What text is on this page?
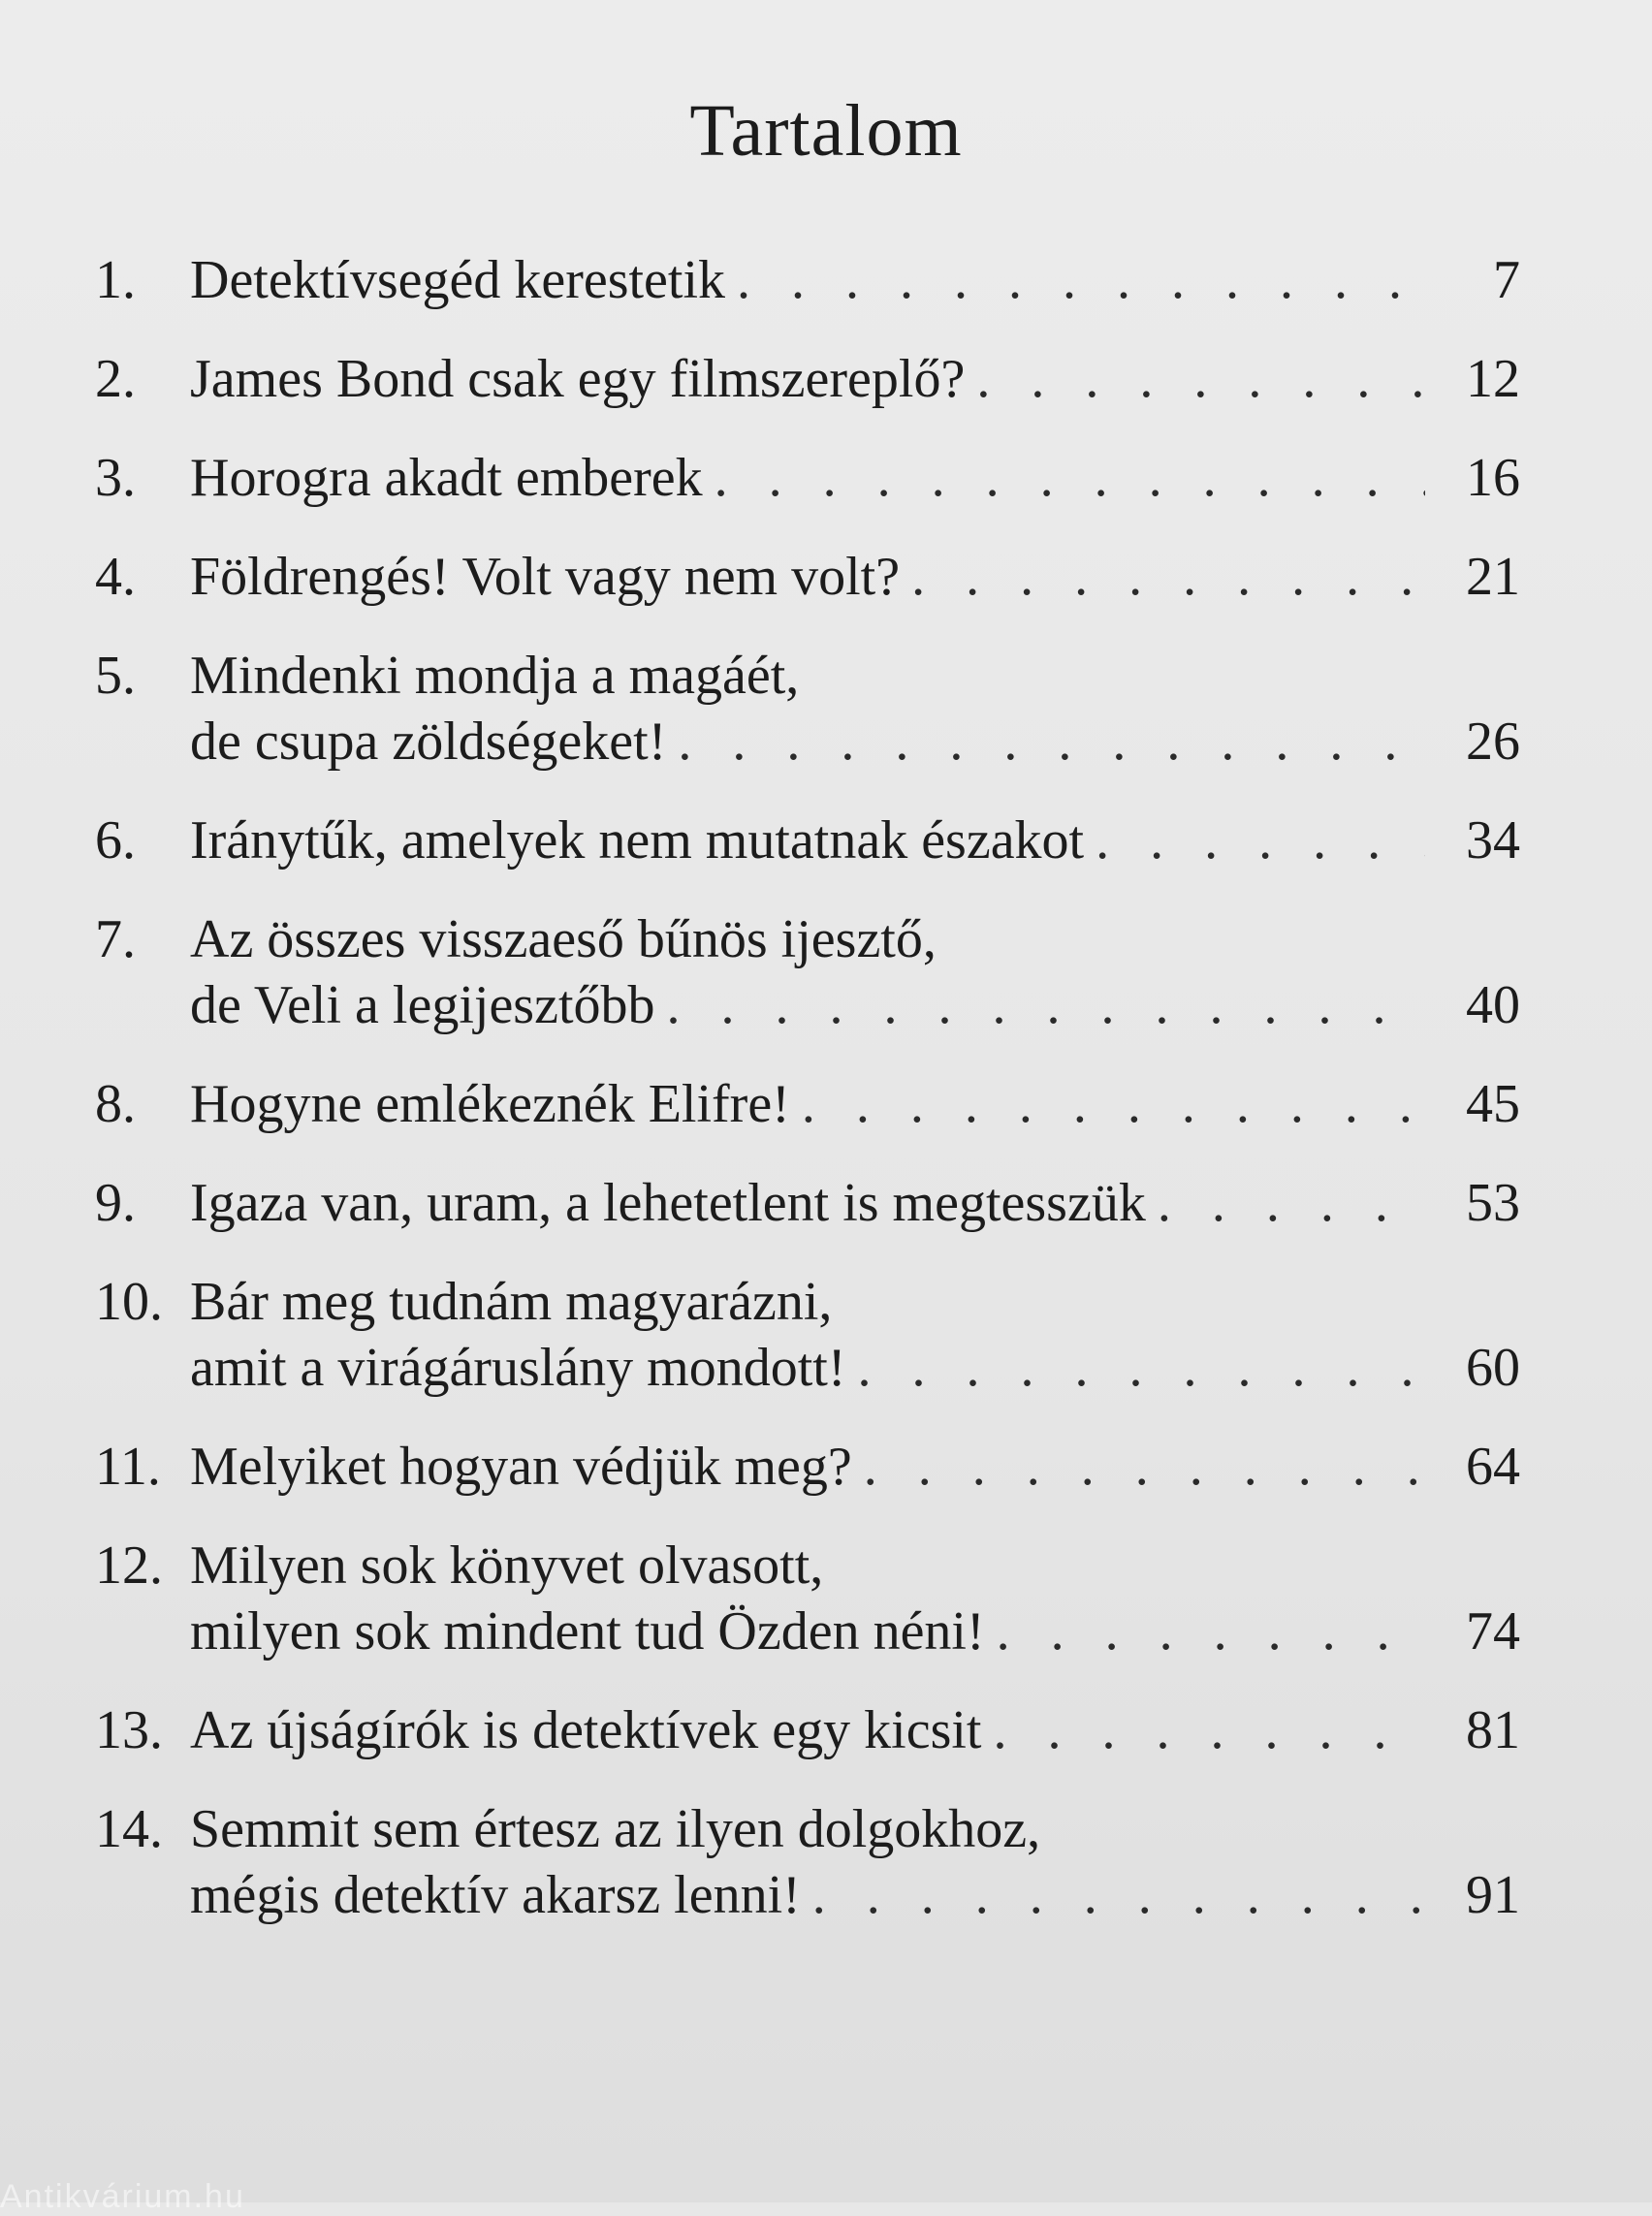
Tartalom
1.	Detektívsegéd kerestetik . . .	7
2.	James Bond csak egy filmszereplő? . . .	12
3.	Horogra akadt emberek . . .	16
4.	Földrengés! Volt vagy nem volt? . . .	21
5.	Mindenki mondja a magáét,
de csupa zöldségeket! . . .	26
6.	Iránytűk, amelyek nem mutatnak északot . . .	34
7.	Az összes visszaeső bűnös ijesztő,
de Veli a legijesztőbb . . .	40
8.	Hogyne emlékeznék Elifre! . . .	45
9.	Igaza van, uram, a lehetetlent is megtesszük . . .	53
10. Bár meg tudnám magyarázni,
amit a virágáruslány mondott! . . .	60
11. Melyiket hogyan védjük meg? . . .	64
12. Milyen sok könyvet olvasott,
milyen sok mindent tud Özden néni! . . .	74
13. Az újságírók is detektívek egy kicsit . . .	81
14. Semmit sem értesz az ilyen dolgokhoz,
mégis detektív akarsz lenni! . . .	91
Antikvárium.hu
